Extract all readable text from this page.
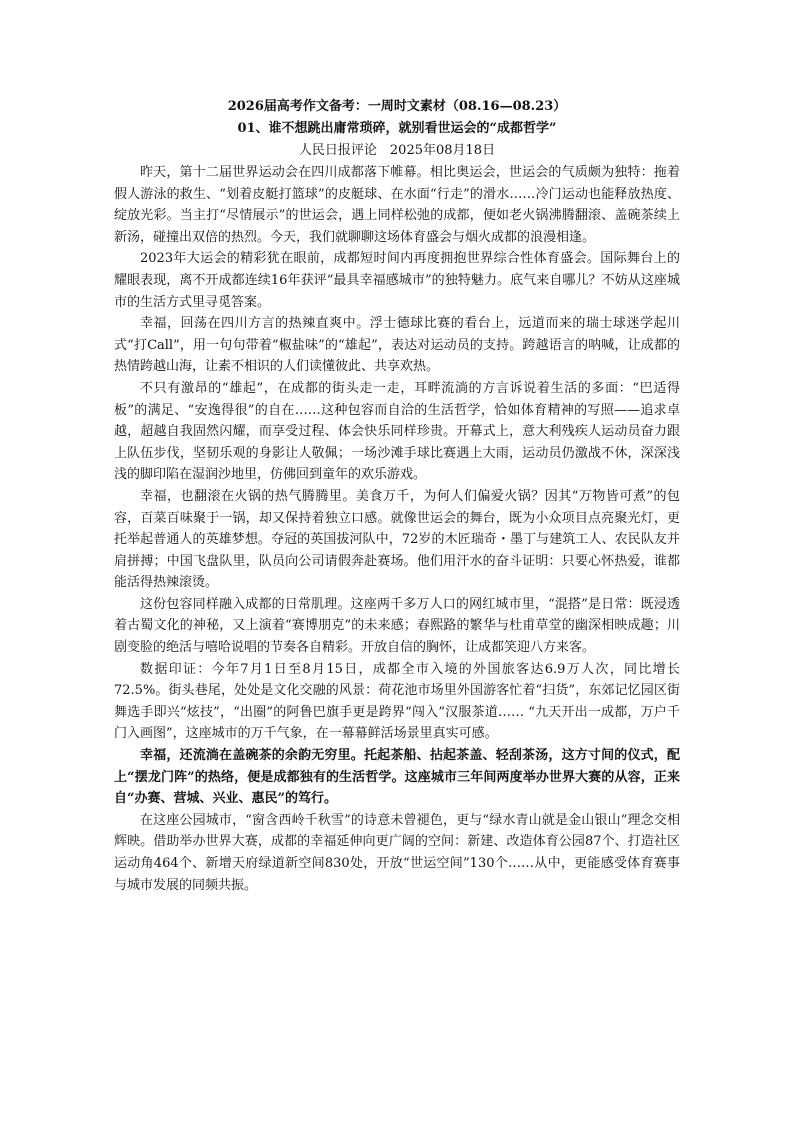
2026届高考作文备考：一周时文素材（08.16—08.23）

01、谁不想跳出庸常琐碎，就别看世运会的“成都哲学”

人民日报评论　2025年08月18日

昨天，第十二届世界运动会在四川成都落下帷幕。相比奥运会，世运会的气质颇为独特：拖着假人游泳的救生、“划着皮艇打篮球”的皮艇球、在水面“行走”的滑水……冷门运动也能释放热度、绽放光彩。当主打“尽情展示”的世运会，遇上同样松弛的成都，便如老火锅沸腾翻滚、盖碗茶续上新汤，碰撞出双倍的热烈。今天，我们就聊聊这场体育盛会与烟火成都的浪漫相逢。

2023年大运会的精彩犹在眼前，成都短时间内再度拥抱世界综合性体育盛会。国际舞台上的耀眼表现，离不开成都连续16年获评“最具幸福感城市”的独特魅力。底气来自哪儿？不妨从这座城市的生活方式里寻觅答案。

幸福，回荡在四川方言的热辣直爽中。浮士德球比赛的看台上，远道而来的瑞士球迷学起川式“打Call”，用一句句带着“椒盐味”的“雄起”，表达对运动员的支持。跨越语言的呐喊，让成都的热情跨越山海，让素不相识的人们读懂彼此、共享欢热。

不只有激昂的“雄起”，在成都的街头走一走，耳畔流淌的方言诉说着生活的多面：“巴适得板”的满足、“安逸得很”的自在……这种包容而自洽的生活哲学，恰如体育精神的写照——追求卓越，超越自我固然闪耀，而享受过程、体会快乐同样珍贵。开幕式上，意大利残疾人运动员奋力跟上队伍步伐，坚韧乐观的身影让人敬佩；一场沙滩手球比赛遇上大雨，运动员仍激战不休，深深浅浅的脚印陷在湿润沙地里，仿佛回到童年的欢乐游戏。

幸福，也翻滚在火锅的热气腾腾里。美食万千，为何人们偏爱火锅？因其“万物皆可煮”的包容，百菜百味聚于一锅，却又保持着独立口感。就像世运会的舞台，既为小众项目点亮聚光灯，更托举起普通人的英雄梦想。夺冠的英国拔河队中，72岁的木匠瑞奇・墨丁与建筑工人、农民队友并肩拼搏；中国飞盘队里，队员向公司请假奔赴赛场。他们用汗水的奋斗证明：只要心怀热爱，谁都能活得热辣滚烫。

这份包容同样融入成都的日常肌理。这座两千多万人口的网红城市里，“混搭”是日常：既浸透着古蜀文化的神秘，又上演着“赛博朋克”的未来感；春熙路的繁华与杜甫草堂的幽深相映成趣；川剧变脸的绝活与嘻哈说唱的节奏各自精彩。开放自信的胸怀，让成都笑迎八方来客。

数据印证：今年7月1日至8月15日，成都全市入境的外国旅客达6.9万人次，同比增长72.5%。街头巷尾，处处是文化交融的风景：荷花池市场里外国游客忙着“扫货”，东郊记忆园区街舞选手即兴“炫技”，“出圈”的阿鲁巴旗手更是跨界“闯入”汉服茶道…… “九天开出一成都，万户千门入画图”，这座城市的万千气象，在一幕幕鲜活场景里真实可感。

幸福，还流淌在盖碗茶的余韵无穷里。托起茶船、拈起茶盖、轻刮茶汤，这方寸间的仪式，配上“摆龙门阵”的热络，便是成都独有的生活哲学。这座城市三年间两度举办世界大赛的从容，正来自“办赛、营城、兴业、惠民”的笃行。

在这座公园城市，“窗含西岭千秋雪”的诗意未曾褪色，更与“绿水青山就是金山银山”理念交相辉映。借助举办世界大赛，成都的幸福延伸向更广阔的空间：新建、改造体育公园87个、打造社区运动角464个、新增天府绿道新空间830处，开放“世运空间”130个……从中，更能感受体育赛事与城市发展的同频共振。
